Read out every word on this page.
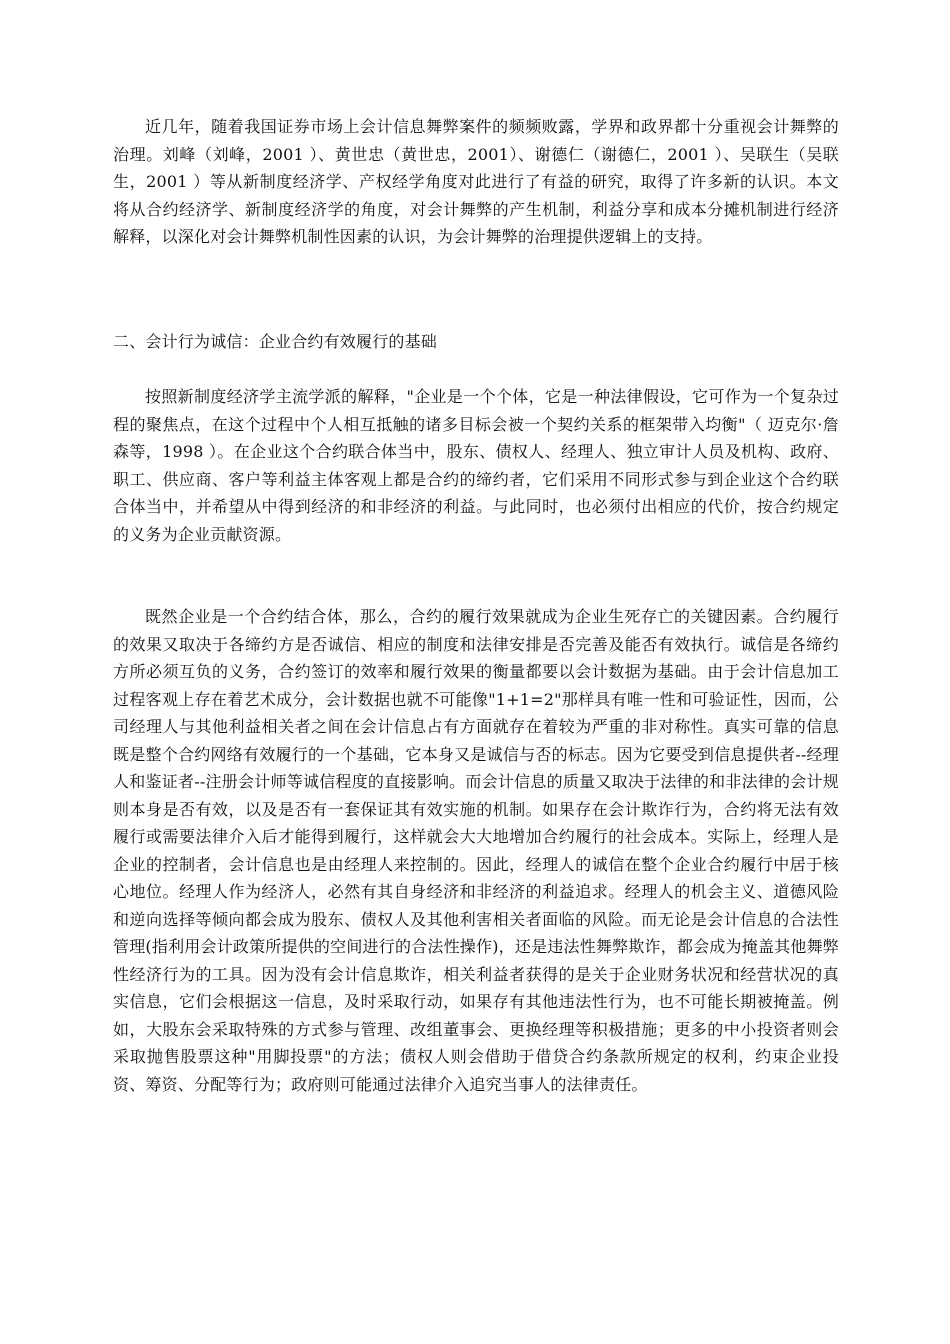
近几年，随着我国证券市场上会计信息舞弊案件的频频败露，学界和政界都十分重视会计舞弊的治理。刘峰（刘峰，2001 ）、黄世忠（黄世忠，2001）、谢德仁（谢德仁，2001 ）、吴联生（吴联生，2001 ）等从新制度经济学、产权经学角度对此进行了有益的研究，取得了许多新的认识。本文将从合约经济学、新制度经济学的角度，对会计舞弊的产生机制，利益分享和成本分摊机制进行经济解释，以深化对会计舞弊机制性因素的认识，为会计舞弊的治理提供逻辑上的支持。

二、会计行为诚信：企业合约有效履行的基础

按照新制度经济学主流学派的解释，"企业是一个个体，它是一种法律假设，它可作为一个复杂过程的聚焦点，在这个过程中个人相互抵触的诸多目标会被一个契约关系的框架带入均衡"（ 迈克尔·詹森等，1998 ）。在企业这个合约联合体当中，股东、债权人、经理人、独立审计人员及机构、政府、职工、供应商、客户等利益主体客观上都是合约的缔约者，它们采用不同形式参与到企业这个合约联合体当中，并希望从中得到经济的和非经济的利益。与此同时，也必须付出相应的代价，按合约规定的义务为企业贡献资源。

既然企业是一个合约结合体，那么，合约的履行效果就成为企业生死存亡的关键因素。合约履行的效果又取决于各缔约方是否诚信、相应的制度和法律安排是否完善及能否有效执行。诚信是各缔约方所必须互负的义务，合约签订的效率和履行效果的衡量都要以会计数据为基础。由于会计信息加工过程客观上存在着艺术成分，会计数据也就不可能像"1+1=2"那样具有唯一性和可验证性，因而，公司经理人与其他利益相关者之间在会计信息占有方面就存在着较为严重的非对称性。真实可靠的信息既是整个合约网络有效履行的一个基础，它本身又是诚信与否的标志。因为它要受到信息提供者--经理人和鉴证者--注册会计师等诚信程度的直接影响。而会计信息的质量又取决于法律的和非法律的会计规则本身是否有效，以及是否有一套保证其有效实施的机制。如果存在会计欺诈行为，合约将无法有效履行或需要法律介入后才能得到履行，这样就会大大地增加合约履行的社会成本。实际上，经理人是企业的控制者，会计信息也是由经理人来控制的。因此，经理人的诚信在整个企业合约履行中居于核心地位。经理人作为经济人，必然有其自身经济和非经济的利益追求。经理人的机会主义、道德风险和逆向选择等倾向都会成为股东、债权人及其他利害相关者面临的风险。而无论是会计信息的合法性管理(指利用会计政策所提供的空间进行的合法性操作)，还是违法性舞弊欺诈，都会成为掩盖其他舞弊性经济行为的工具。因为没有会计信息欺诈，相关利益者获得的是关于企业财务状况和经营状况的真实信息，它们会根据这一信息，及时采取行动，如果存有其他违法性行为，也不可能长期被掩盖。例如，大股东会采取特殊的方式参与管理、改组董事会、更换经理等积极措施；更多的中小投资者则会采取抛售股票这种"用脚投票"的方法；债权人则会借助于借贷合约条款所规定的权利，约束企业投资、筹资、分配等行为；政府则可能通过法律介入追究当事人的法律责任。
